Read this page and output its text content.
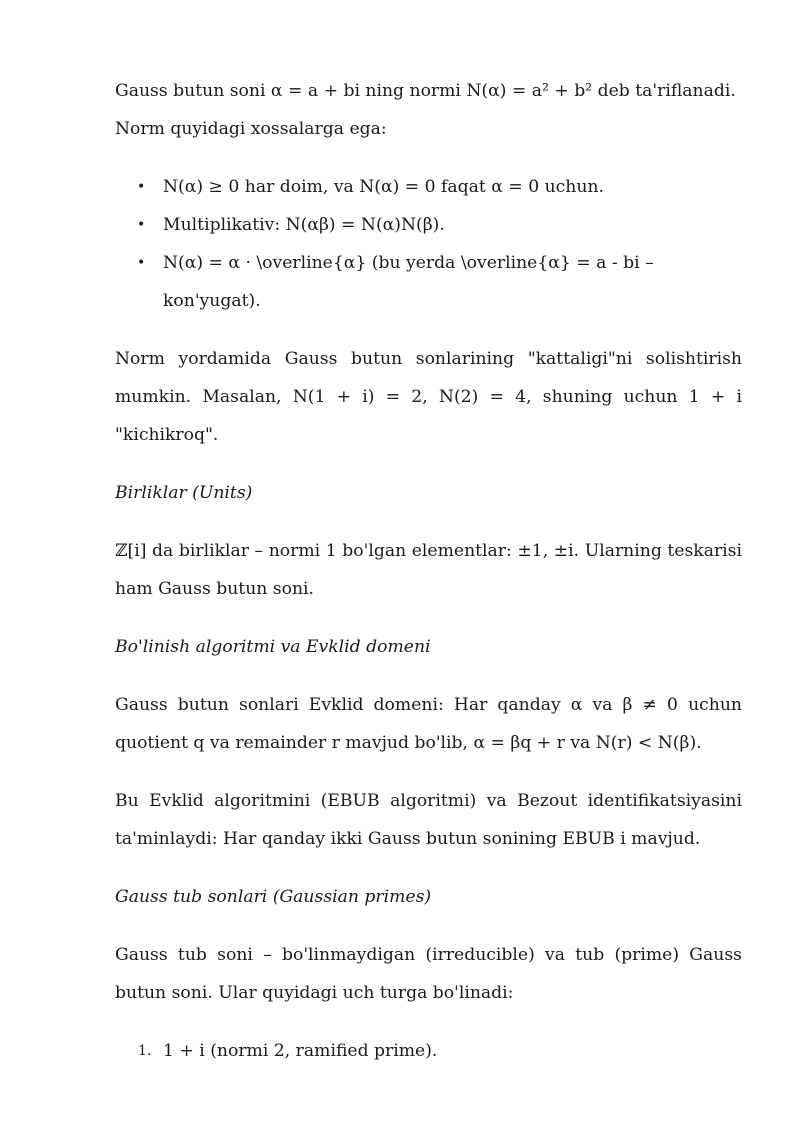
Gauss butun soni α = a + bi ning normi N(α) = a² + b² deb ta'riflanadi.
Norm quyidagi xossalarga ega:

• N(α) ≥ 0 har doim, va N(α) = 0 faqat α = 0 uchun.
• Multiplikativ: N(αβ) = N(α)N(β).
• N(α) = α · \overline{α} (bu yerda \overline{α} = a - bi – kon'yugat).

Norm yordamida Gauss butun sonlarining "kattaligi"ni solishtirish mumkin. Masalan, N(1 + i) = 2, N(2) = 4, shuning uchun 1 + i "kichikroq".

Birliklar (Units)

ℤ[i] da birliklar – normi 1 bo'lgan elementlar: ±1, ±i. Ularning teskarisi ham Gauss butun soni.

Bo'linish algoritmi va Evklid domeni

Gauss butun sonlari Evklid domeni: Har qanday α va β ≠ 0 uchun quotient q va remainder r mavjud bo'lib, α = βq + r va N(r) < N(β).

Bu Evklid algoritmini (EBUB algoritmi) va Bezout identifikatsiyasini ta'minlaydi: Har qanday ikki Gauss butun sonining EBUB i mavjud.

Gauss tub sonlari (Gaussian primes)

Gauss tub soni – bo'linmaydigan (irreducible) va tub (prime) Gauss butun soni. Ular quyidagi uch turga bo'linadi:

1. 1 + i (normi 2, ramified prime).
